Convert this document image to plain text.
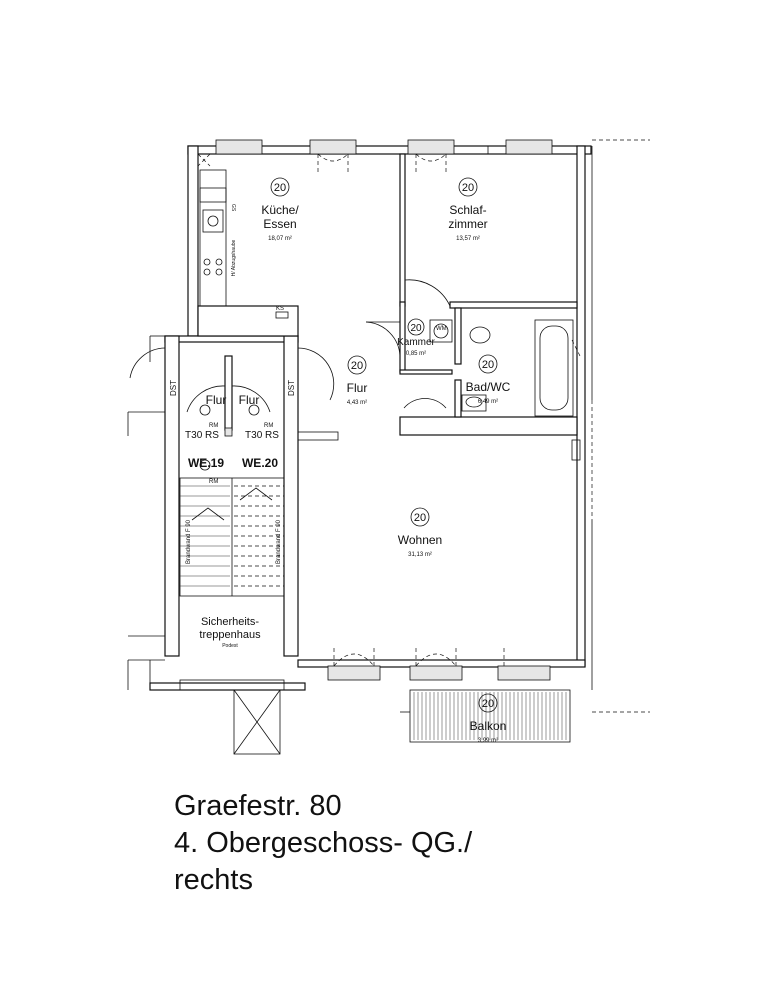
GS
H/ Abzugshaube
KS
WM
20
Küche/
Essen
18,07 m²
20
Schlaf-
zimmer
13,57 m²
20
Kammer
0,85 m²
20
Flur
4,43 m²
20
Bad/WC
6,49 m²
20
Wohnen
31,13 m²
20
Balkon
3,99 m²
Flur Flur
RM	RM
RM
T30 RS	T30 RS
WE.19 WE.20
DST	DST
Brandwand F 90	Brandwand F 90
Sicherheits-
treppenhaus
Podest
Graefestr. 80
4. Obergeschoss- QG./
rechts
